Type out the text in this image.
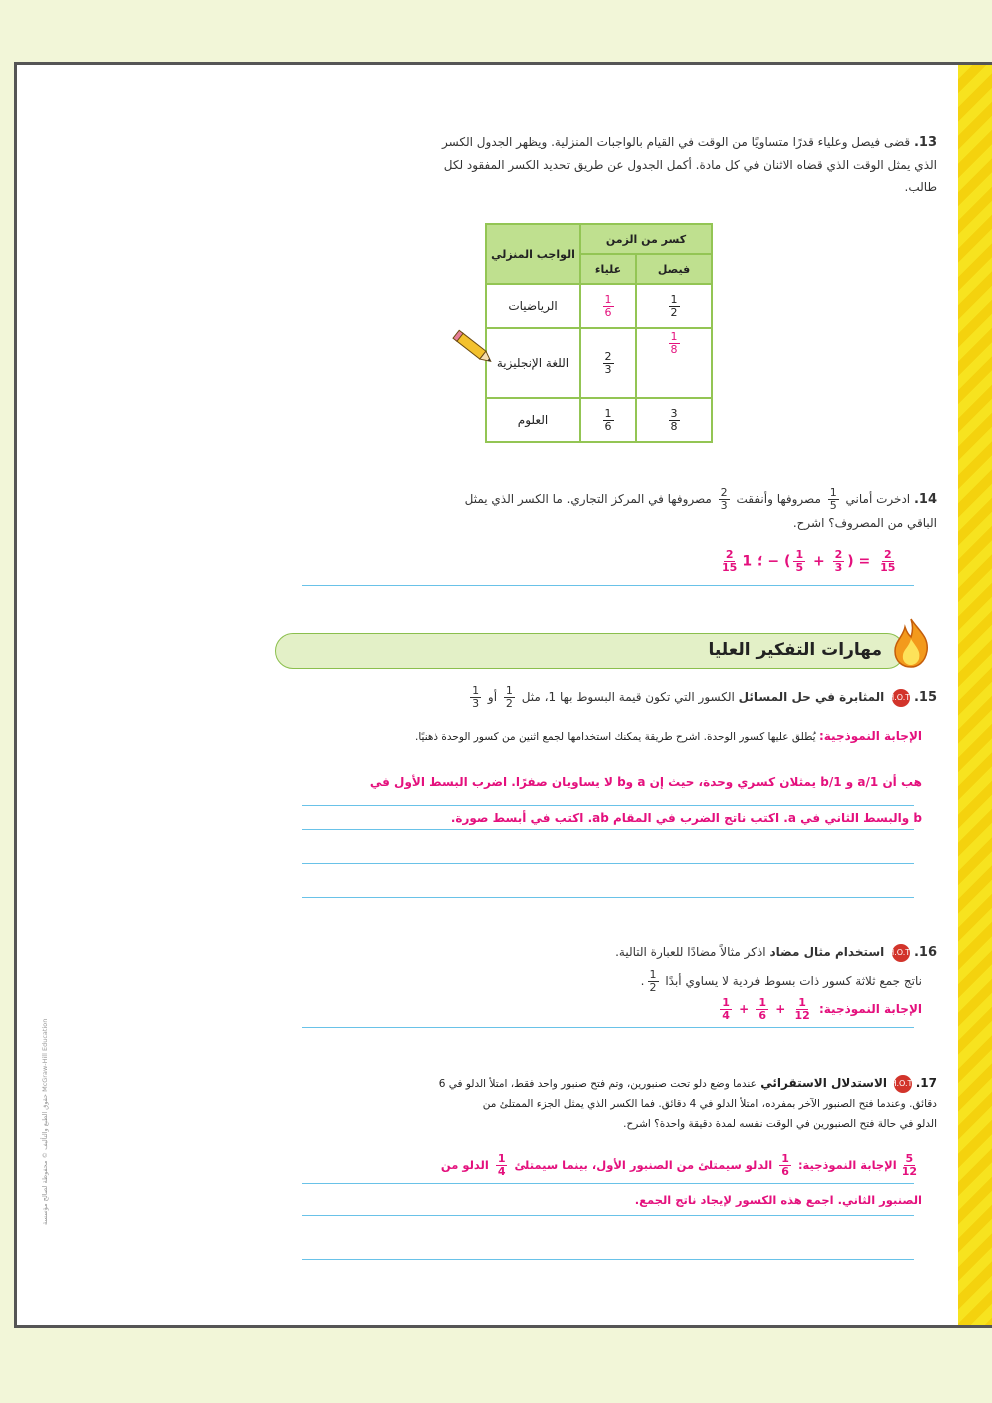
13. قضى فيصل وعلياء قدرًا متساويًا من الوقت في القيام بالواجبات المنزلية. ويظهر الجدول الكسر الذي يمثل الوقت الذي قضاه الاثنان في كل مادة. أكمل الجدول عن طريق تحديد الكسر المفقود لكل طالب.
كسر من الزمن		الواجب المنزلي
فيصل	علياء	

$\frac{1}{2}$	$\frac{1}{6}$	الرياضيات

$\frac{1}{8}$	$\frac{2}{3}$	اللغة الإنجليزية

$\frac{3}{8}$	$\frac{1}{6}$	العلوم
14. ادخرت أماني
$\frac{1}{5}$
مصروفها وأنفقت
$\frac{2}{3}$
مصروفها في المركز التجاري. ما الكسر الذي يمثل
الباقي من المصروف؟ اشرح.
$\frac{2}{15}$ ؛ 1 − ( $\frac{1}{5} + \frac{2}{3}$ ) = $\frac{2}{15}$
مهارات التفكير العليا
15. H.O.T. المثابرة في حل المسائل الكسور التي تكون قيمة البسوط بها 1، مثل
$\frac{1}{2}$
أو
$\frac{1}{3}$
الإجابة النموذجية: يُطلق عليها كسور الوحدة. اشرح طريقة يمكنك استخدامها لجمع اثنين من كسور الوحدة ذهنيًا.
هب أن 1/a و 1/b يمثلان كسري وحدة، حيث إن a وb لا يساويان صفرًا. اضرب البسط الأول في
b والبسط الثاني في a. اكتب ناتج الضرب في المقام ab. اكتب في أبسط صورة.
16. H.O.T. استخدام مثال مضاد اذكر مثالاً مضادًا للعبارة التالية.
ناتج جمع ثلاثة كسور ذات بسوط فردية لا يساوي أبدًا
$\frac{1}{2}$
.
الإجابة النموذجية:
$\frac{1}{4} + \frac{1}{6} + \frac{1}{12}$
17. H.O.T. الاستدلال الاستقرائي عندما وضع دلو تحت صنبورين، وتم فتح صنبور واحد فقط، امتلأ الدلو في 6
دقائق. وعندما فتح الصنبور الآخر بمفرده، امتلأ الدلو في 4 دقائق. فما الكسر الذي يمثل الجزء الممتلئ من
الدلو في حالة فتح الصنبورين في الوقت نفسه لمدة دقيقة واحدة؟ اشرح.
$\frac{5}{12}$
الإجابة النموذجية:
$\frac{1}{6}$
الدلو سيمتلئ من الصنبور الأول، بينما سيمتلئ
$\frac{1}{4}$
الدلو من
الصنبور الثاني. اجمع هذه الكسور لإيجاد ناتج الجمع.
حقوق الطبع والتأليف © محفوظة لصالح مؤسسة McGraw-Hill Education
